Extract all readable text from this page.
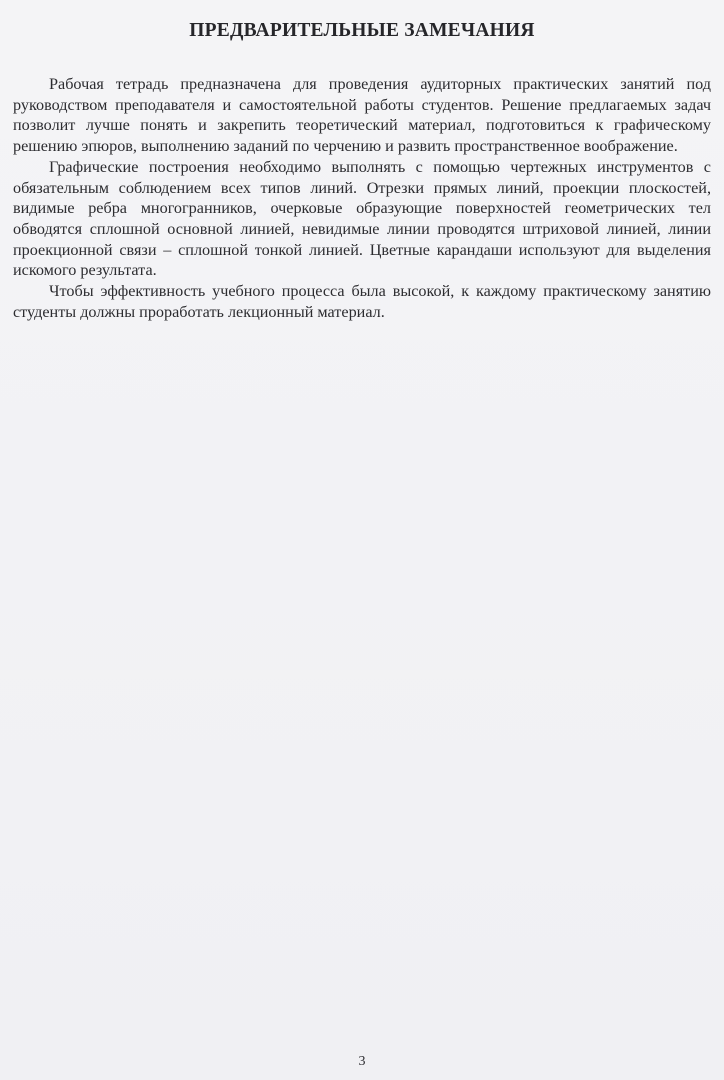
ПРЕДВАРИТЕЛЬНЫЕ ЗАМЕЧАНИЯ

Рабочая тетрадь предназначена для проведения аудиторных практических занятий под руководством преподавателя и самостоятельной работы студентов. Решение предлагаемых задач позволит лучше понять и закрепить теоретический материал, подготовиться к графическому решению эпюров, выполнению заданий по черчению и развить пространственное воображение.

Графические построения необходимо выполнять с помощью чертежных инструментов с обязательным соблюдением всех типов линий. Отрезки прямых линий, проекции плоскостей, видимые ребра многогранников, очерковые образующие поверхностей геометрических тел обводятся сплошной основной линией, невидимые линии проводятся штриховой линией, линии проекционной связи – сплошной тонкой линией. Цветные карандаши используют для выделения искомого результата.

Чтобы эффективность учебного процесса была высокой, к каждому практическому занятию студенты должны проработать лекционный материал.

3
